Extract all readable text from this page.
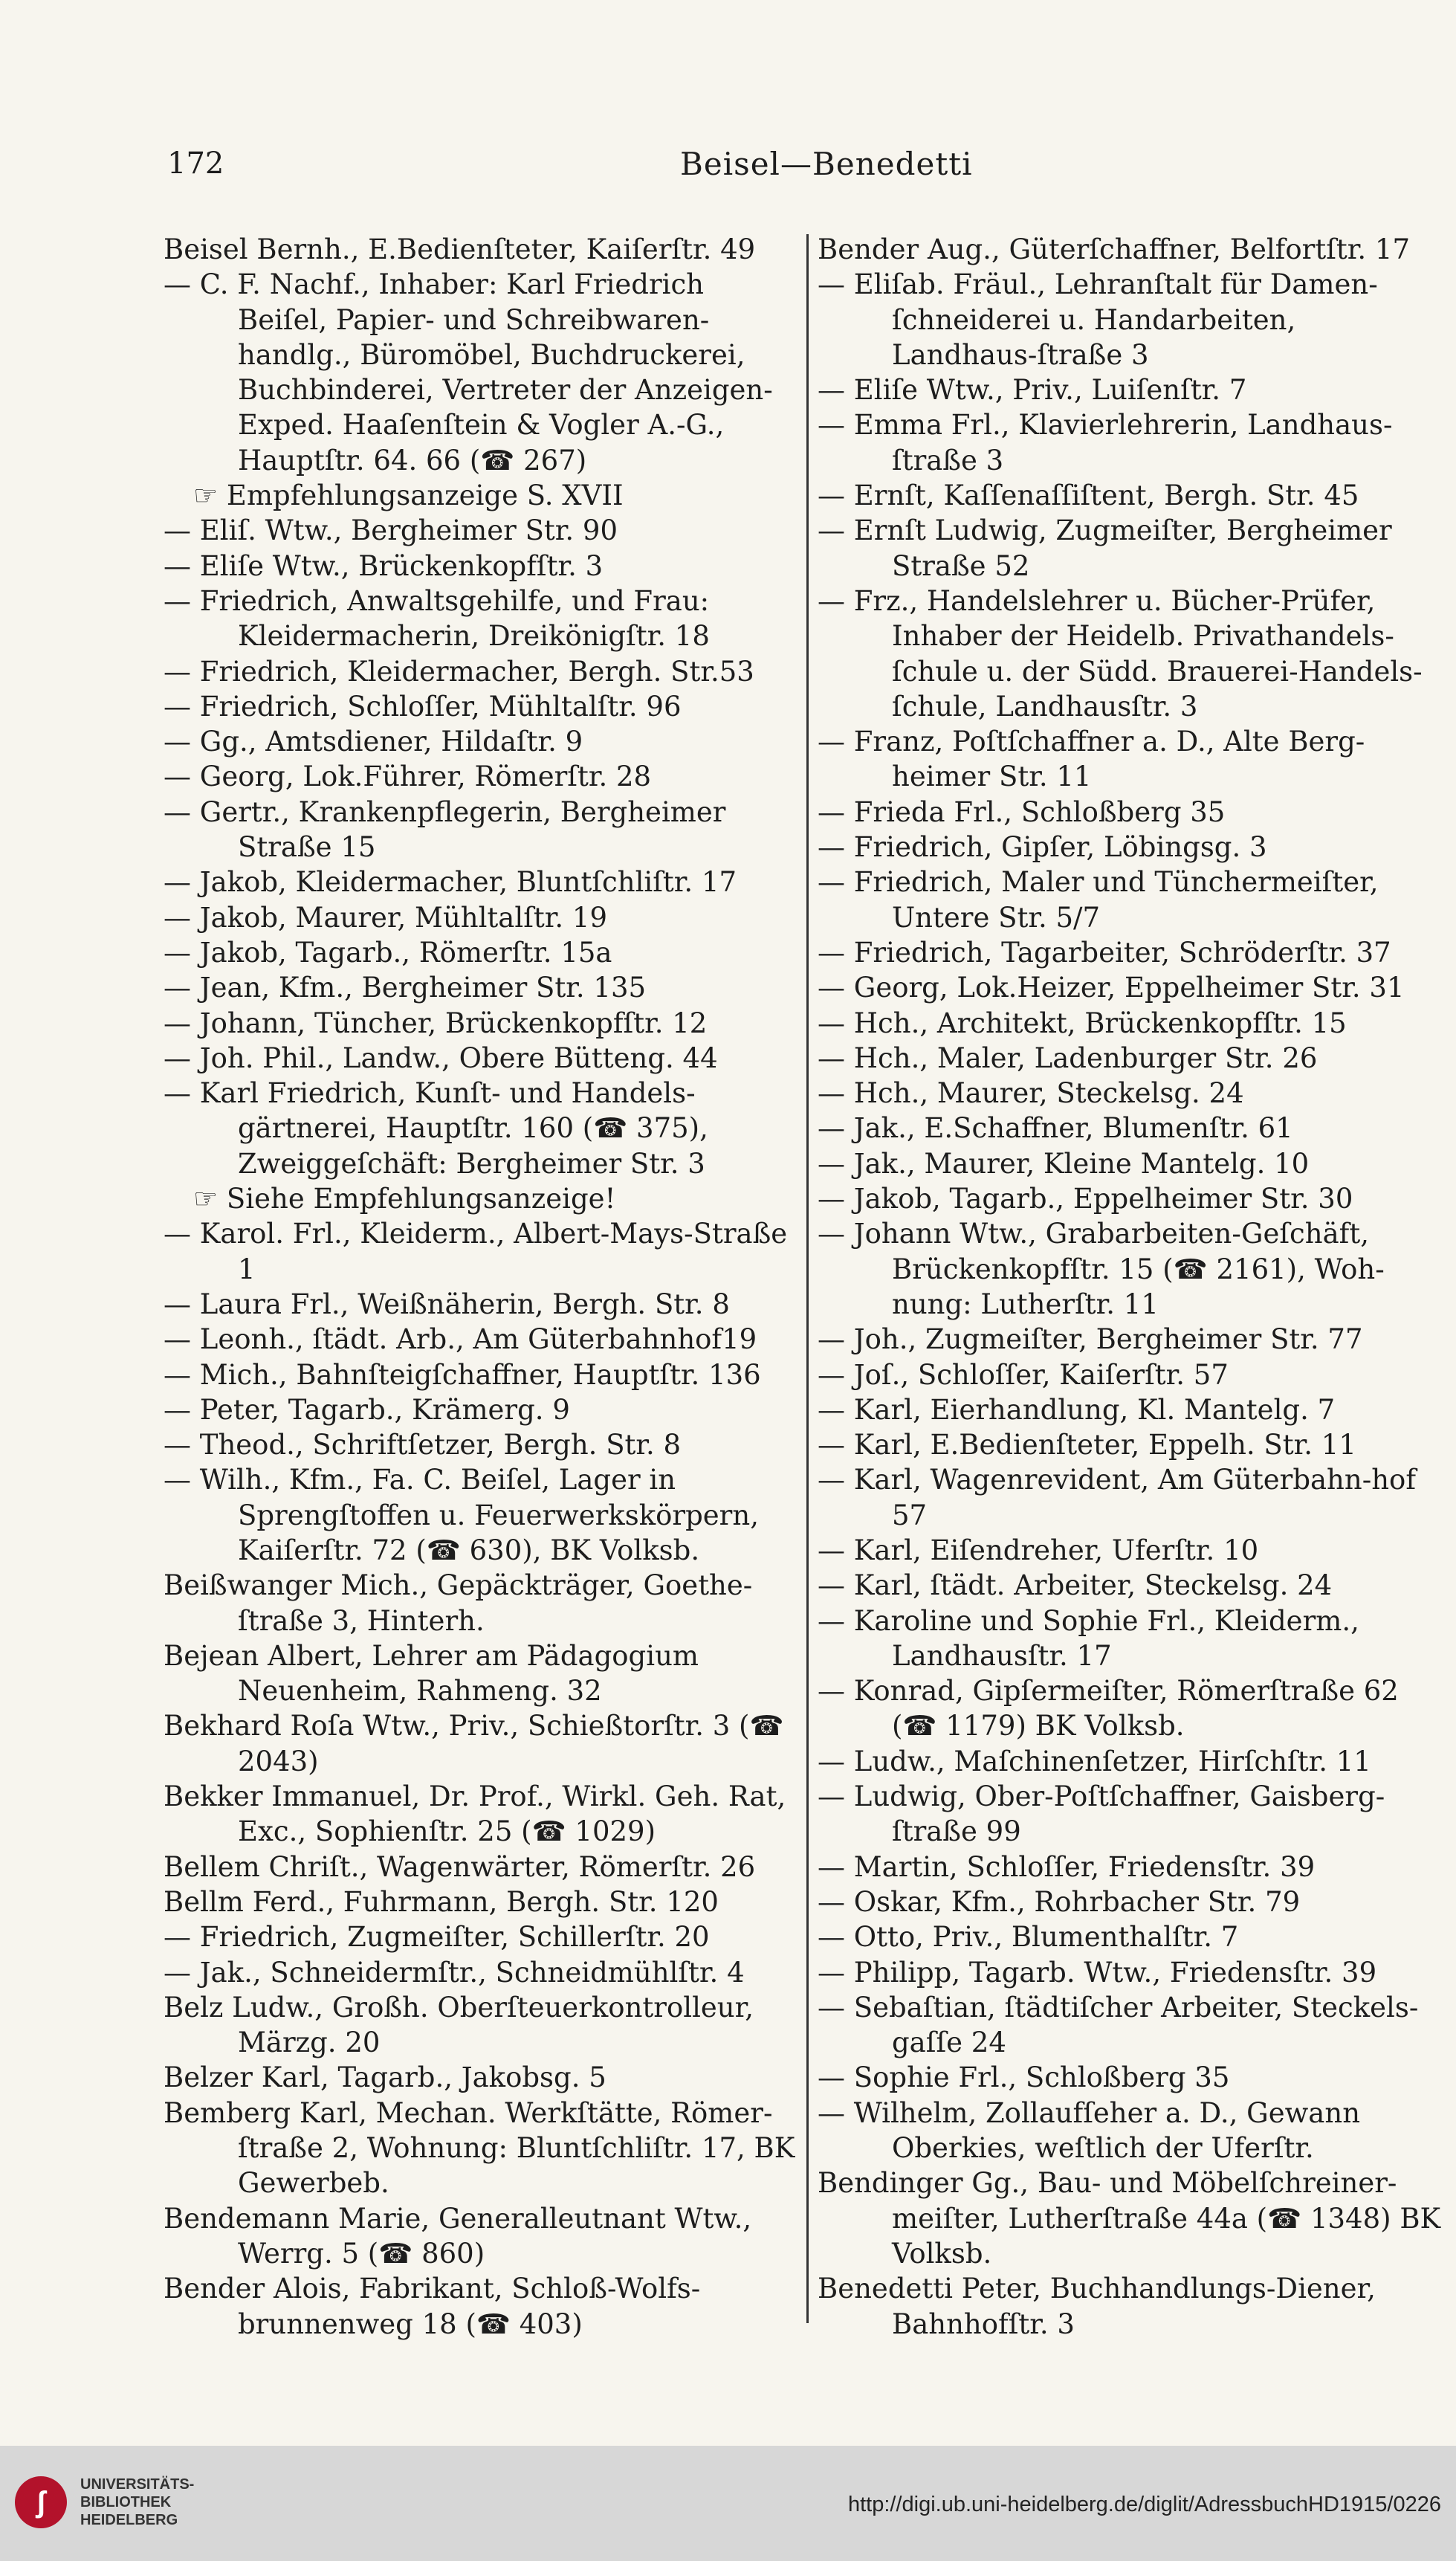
172	Beisel—Benedetti

Beisel Bernh., E.Bedienſteter, Kaiſerſtr. 49

— C. F. Nachf., Inhaber: Karl Friedrich Beiſel, Papier- und Schreibwaren-handlg., Büromöbel, Buchdruckerei, Buchbinderei, Vertreter der Anzeigen-Exped. Haaſenſtein & Vogler A.-G., Hauptſtr. 64. 66 (☎ 267)

☞ Empfehlungsanzeige S. XVII

— Eliſ. Wtw., Bergheimer Str. 90

— Eliſe Wtw., Brückenkopfſtr. 3

— Friedrich, Anwaltsgehilfe, und Frau: Kleidermacherin, Dreikönigſtr. 18

— Friedrich, Kleidermacher, Bergh. Str.53

— Friedrich, Schloſſer, Mühltalſtr. 96

— Gg., Amtsdiener, Hildaſtr. 9

— Georg, Lok.Führer, Römerſtr. 28

— Gertr., Krankenpflegerin, Bergheimer Straße 15

— Jakob, Kleidermacher, Bluntſchliſtr. 17

— Jakob, Maurer, Mühltalſtr. 19

— Jakob, Tagarb., Römerſtr. 15a

— Jean, Kfm., Bergheimer Str. 135

— Johann, Tüncher, Brückenkopfſtr. 12

— Joh. Phil., Landw., Obere Bütteng. 44

— Karl Friedrich, Kunſt- und Handels-gärtnerei, Hauptſtr. 160 (☎ 375), Zweiggeſchäft: Bergheimer Str. 3

☞ Siehe Empfehlungsanzeige!

— Karol. Frl., Kleiderm., Albert-Mays-Straße 1

— Laura Frl., Weißnäherin, Bergh. Str. 8

— Leonh., ſtädt. Arb., Am Güterbahnhof19

— Mich., Bahnſteigſchaffner, Hauptſtr. 136

— Peter, Tagarb., Krämerg. 9

— Theod., Schriftſetzer, Bergh. Str. 8

— Wilh., Kfm., Fa. C. Beiſel, Lager in Sprengſtoffen u. Feuerwerkskörpern, Kaiſerſtr. 72 (☎ 630), BK Volksb.

Beißwanger Mich., Gepäckträger, Goethe-ſtraße 3, Hinterh.

Bejean Albert, Lehrer am Pädagogium Neuenheim, Rahmeng. 32

Bekhard Roſa Wtw., Priv., Schießtorſtr. 3 (☎ 2043)

Bekker Immanuel, Dr. Prof., Wirkl. Geh. Rat, Exc., Sophienſtr. 25 (☎ 1029)

Bellem Chriſt., Wagenwärter, Römerſtr. 26

Bellm Ferd., Fuhrmann, Bergh. Str. 120

— Friedrich, Zugmeiſter, Schillerſtr. 20

— Jak., Schneidermſtr., Schneidmühlſtr. 4

Belz Ludw., Großh. Oberſteuerkontrolleur, Märzg. 20

Belzer Karl, Tagarb., Jakobsg. 5

Bemberg Karl, Mechan. Werkſtätte, Römer-ſtraße 2, Wohnung: Bluntſchliſtr. 17, BK Gewerbeb.

Bendemann Marie, Generalleutnant Wtw., Werrg. 5 (☎ 860)

Bender Alois, Fabrikant, Schloß-Wolfs-brunnenweg 18 (☎ 403)

Bender Aug., Güterſchaffner, Belfortſtr. 17

— Eliſab. Fräul., Lehranſtalt für Damen-ſchneiderei u. Handarbeiten, Landhaus-ſtraße 3

— Eliſe Wtw., Priv., Luiſenſtr. 7

— Emma Frl., Klavierlehrerin, Landhaus-ſtraße 3

— Ernſt, Kaſſenaſſiſtent, Bergh. Str. 45

— Ernſt Ludwig, Zugmeiſter, Bergheimer Straße 52

— Frz., Handelslehrer u. Bücher-Prüfer, Inhaber der Heidelb. Privathandels-ſchule u. der Südd. Brauerei-Handels-ſchule, Landhausſtr. 3

— Franz, Poſtſchaffner a. D., Alte Berg-heimer Str. 11

— Frieda Frl., Schloßberg 35

— Friedrich, Gipſer, Löbingsg. 3

— Friedrich, Maler und Tünchermeiſter, Untere Str. 5/7

— Friedrich, Tagarbeiter, Schröderſtr. 37

— Georg, Lok.Heizer, Eppelheimer Str. 31

— Hch., Architekt, Brückenkopfſtr. 15

— Hch., Maler, Ladenburger Str. 26

— Hch., Maurer, Steckelsg. 24

— Jak., E.Schaffner, Blumenſtr. 61

— Jak., Maurer, Kleine Mantelg. 10

— Jakob, Tagarb., Eppelheimer Str. 30

— Johann Wtw., Grabarbeiten-Geſchäft, Brückenkopfſtr. 15 (☎ 2161), Woh-nung: Lutherſtr. 11

— Joh., Zugmeiſter, Bergheimer Str. 77

— Joſ., Schloſſer, Kaiſerſtr. 57

— Karl, Eierhandlung, Kl. Mantelg. 7

— Karl, E.Bedienſteter, Eppelh. Str. 11

— Karl, Wagenrevident, Am Güterbahn-hof 57

— Karl, Eiſendreher, Uferſtr. 10

— Karl, ſtädt. Arbeiter, Steckelsg. 24

— Karoline und Sophie Frl., Kleiderm., Landhausſtr. 17

— Konrad, Gipſermeiſter, Römerſtraße 62 (☎ 1179) BK Volksb.

— Ludw., Maſchinenſetzer, Hirſchſtr. 11

— Ludwig, Ober-Poſtſchaffner, Gaisberg-ſtraße 99

— Martin, Schloſſer, Friedensſtr. 39

— Oskar, Kfm., Rohrbacher Str. 79

— Otto, Priv., Blumenthalſtr. 7

— Philipp, Tagarb. Wtw., Friedensſtr. 39

— Sebaſtian, ſtädtiſcher Arbeiter, Steckels-gaſſe 24

— Sophie Frl., Schloßberg 35

— Wilhelm, Zollaufſeher a. D., Gewann Oberkies, weſtlich der Uferſtr.

Bendinger Gg., Bau- und Möbelſchreiner-meiſter, Lutherſtraße 44a (☎ 1348) BK Volksb.

Benedetti Peter, Buchhandlungs-Diener, Bahnhofſtr. 3

ʃ
UNIVERSITÄTS-
BIBLIOTHEK
HEIDELBERG
http://digi.ub.uni-heidelberg.de/diglit/AdressbuchHD1915/0226
